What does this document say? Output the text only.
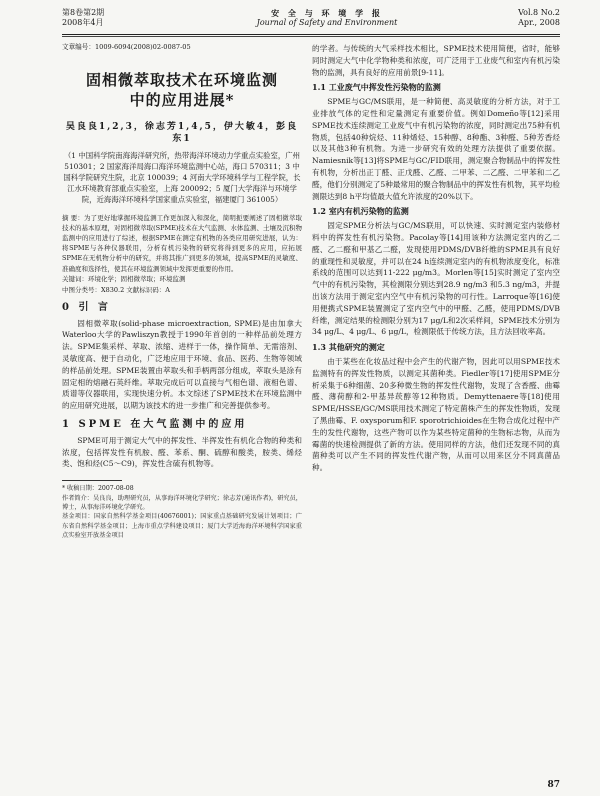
第8卷第2期
2008年4月
安 全 与 环 境 学 报
Journal of Safety and Environment
Vol.8 No.2
Apr., 2008
文章编号：1009-6094(2008)02-0087-05
固相微萃取技术在环境监测
中的应用进展*
吴良良1,2,3，徐志芳1,4,5，伊大敏4，彭良东1
（1 中国科学院南海海洋研究所，热带海洋环境动力学重点实验室，广州 510301；2 国家海洋局海口海洋环境监测中心站，海口 570311；3 中国科学院研究生院，北京 100039；4 河南大学环境科学与工程学院，长江水环境教育部重点实验室，上海 200092；5 厦门大学海洋与环境学院，近海海洋环境科学国家重点实验室，福建厦门 361005）
摘 要：为了更好地掌握环境监测工作更加深入和深化，简明扼要阐述了固相微萃取技术的基本原理，对固相微萃取(SPME)技术在大气监测、水体监测、土壤及沉积物监测中的应用进行了综述，根据SPME在测定有机物的各类应用研究进展，认为：将SPME与各种仪器联用，分析有机污染物的研究将得到更多的应用，应拓展SPME在无机物分析中的研究，并将其推广到更多的领域，提高SPME的灵敏度、准确度和选择性，使其在环境监测领域中发挥更重要的作用。
关键词：环境化学；固相微萃取；环境监测
中图分类号：X830.2 文献标识码：A
0 引 言

固相微萃取(solid-phase microextraction, SPME)是由加拿大Waterloo大学的Pawliszyn教授于1990年首创的一种样品前处理方法。SPME集采样、萃取、浓缩、进样于一体，操作简单、无需溶剂、灵敏度高、便于自动化，广泛地应用于环境、食品、医药、生物等领域的样品前处理。SPME装置由萃取头和手柄两部分组成，萃取头是涂有固定相的熔融石英纤维。萃取完成后可以直接与气相色谱、液相色谱、质谱等仪器联用，实现快速分析。本文综述了SPME技术在环境监测中的应用研究进展，以期为该技术的进一步推广和完善提供参考。

1 SPME 在大气监测中的应用

SPME可用于测定大气中的挥发性、半挥发性有机化合物的种类和浓度，包括挥发性有机胺、醛、苯系、酮、硫醇和酸类，胺类、烯烃类、饱和烃(C5～C9)，挥发性含硫有机物等。

* 收稿日期：2007-08-08
作者简介：吴良良，助理研究员，从事海洋环境化学研究；徐志芳(通讯作者)，研究员，博士，从事海洋环境化学研究。
基金项目：国家自然科学基金项目(40676001)；国家重点基础研究发展计划项目；广东省自然科学基金项目；上海市重点学科建设项目；厦门大学近海海洋环境科学国家重点实验室开放基金项目

的学者。与传统的大气采样技术相比，SPME技术使用简便，省时，能够同时测定大气中化学物种类和浓度，可广泛用于工业废气和室内有机污染物的监测，具有良好的应用前景[9-11]。

1.1 工业废气中挥发性污染物的监测

SPME与GC/MS联用，是一种简便、高灵敏度的分析方法，对于工业排放气体的定性和定量测定有重要价值。例如Domeño等[12]采用SPME技术连续测定工业废气中有机污染物的浓度，同时测定出75种有机物质，包括40种烷烃、11种烯烃、15种醇、8种酯、3种醛、5种芳香烃以及其他3种有机物。为进一步研究有效的处理方法提供了重要依据。Namiesnik等[13]将SPME与GC/FID联用，测定聚合物制品中的挥发性有机物，分析出正丁醛、正戊醛、乙醛、二甲苯、二乙醛、二甲苯和二乙醛，他们分别测定了5种最常用的聚合物制品中的挥发性有机物，其平均检测限达到8 h平均值最大值允许浓度的20%以下。

1.2 室内有机污染物的监测

固定SPME分析法与GC/MS联用，可以快速、实时测定室内装修材料中的挥发性有机污染物。Pacolay等[14]用该种方法测定室内的乙二醛、乙二醛和甲基乙二醛，发现使用PDMS/DVB纤维的SPME具有良好的重现性和灵敏度，并可以在24 h连续测定室内的有机物浓度变化，标准系线的范围可以达到11-222 μg/m3。Morlen等[15]实时测定了室内空气中的有机污染物，其检测限分别达到28.9 ng/m3 和5.3 ng/m3，并提出该方法用于测定室内空气中有机污染物的可行性。Larroque等[16]使用便携式SPME装置测定了室内空气中的甲醛、乙醛，使用PDMS/DVB纤维，测定结果的检测限分别为17 μg/L和2次采样间，SPME技术分别为34 μg/L、4 μg/L、6 μg/L，检测限低于传统方法，且方法回收率高。

1.3 其他研究的测定

由于某些在化妆品过程中会产生的代谢产物，因此可以用SPME技术监测特有的挥发性物质，以测定其菌种类。Fiedler等[17]使用SPME分析采集于6种细菌、20多种微生物的挥发性代谢物，发现了含香醛、曲霉醛、薄荷醇和2-甲基异莰醇等12种物质。Demyttenaere等[18]使用SPME/HSSE/GC/MS联用技术测定了特定菌株产生的挥发性物质，发现了黑曲霉、F. oxysporum和F. sporotrichioides在生物合成化过程中产生的发性代谢物，这些产物可以作为某些特定菌种的生物标志物，从而为霉菌的快速检测提供了新的方法。使用同样的方法，他们还发现不同的真菌种类可以产生不同的挥发性代谢产物，从而可以用来区分不同真菌品种。

87
